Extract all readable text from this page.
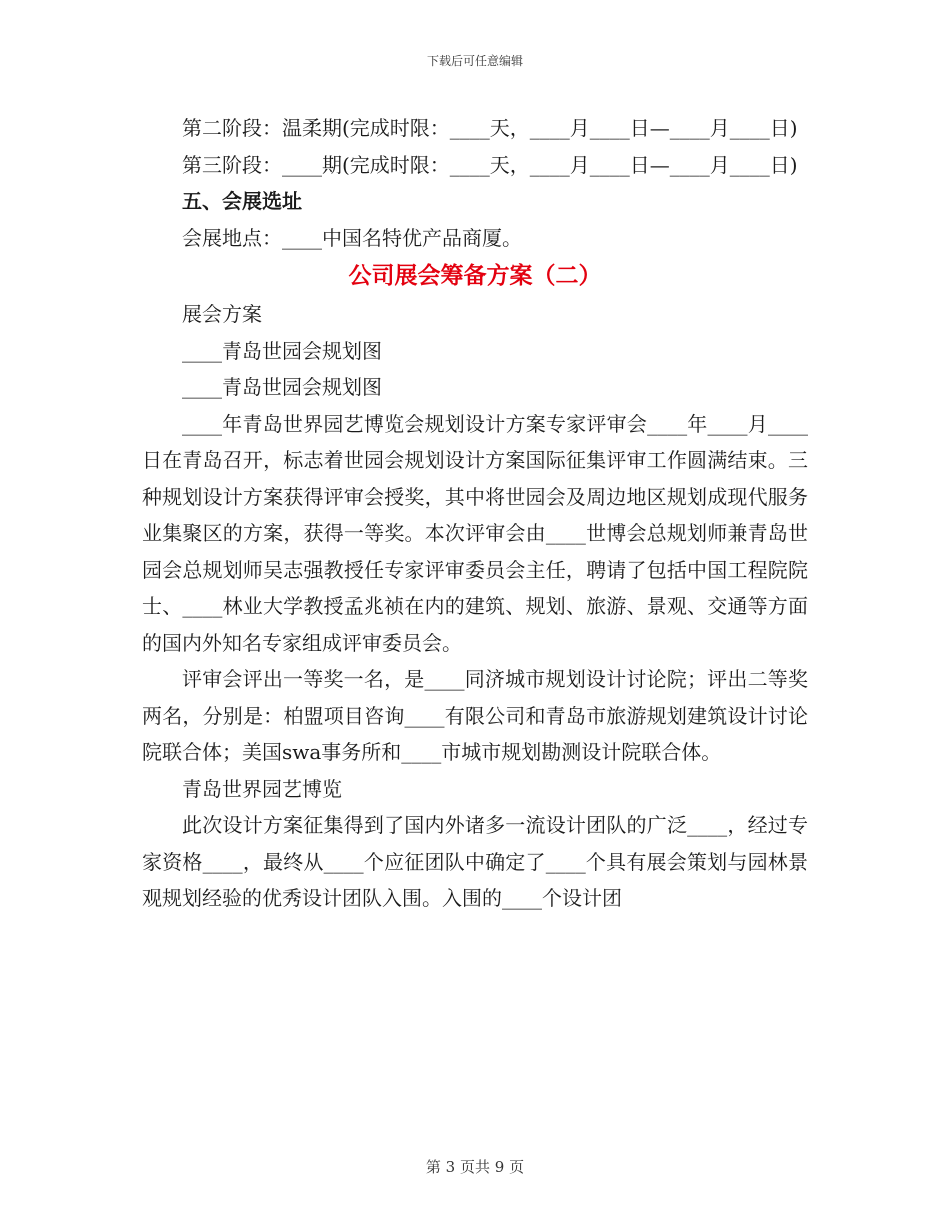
下载后可任意编辑

第二阶段：温柔期(完成时限：____天，____月____日—____月____日)

第三阶段：____期(完成时限：____天，____月____日—____月____日)

五、会展选址

会展地点：____中国名特优产品商厦。

公司展会筹备方案（二）

展会方案

____青岛世园会规划图

____青岛世园会规划图

____年青岛世界园艺博览会规划设计方案专家评审会____年____月____日在青岛召开，标志着世园会规划设计方案国际征集评审工作圆满结束。三种规划设计方案获得评审会授奖，其中将世园会及周边地区规划成现代服务业集聚区的方案，获得一等奖。本次评审会由____世博会总规划师兼青岛世园会总规划师吴志强教授任专家评审委员会主任，聘请了包括中国工程院院士、____林业大学教授孟兆祯在内的建筑、规划、旅游、景观、交通等方面的国内外知名专家组成评审委员会。

评审会评出一等奖一名，是____同济城市规划设计讨论院；评出二等奖两名，分别是：柏盟项目咨询____有限公司和青岛市旅游规划建筑设计讨论院联合体；美国swa事务所和____市城市规划勘测设计院联合体。

青岛世界园艺博览

此次设计方案征集得到了国内外诸多一流设计团队的广泛____，经过专家资格____，最终从____个应征团队中确定了____个具有展会策划与园林景观规划经验的优秀设计团队入围。入围的____个设计团

第 3 页共 9 页
